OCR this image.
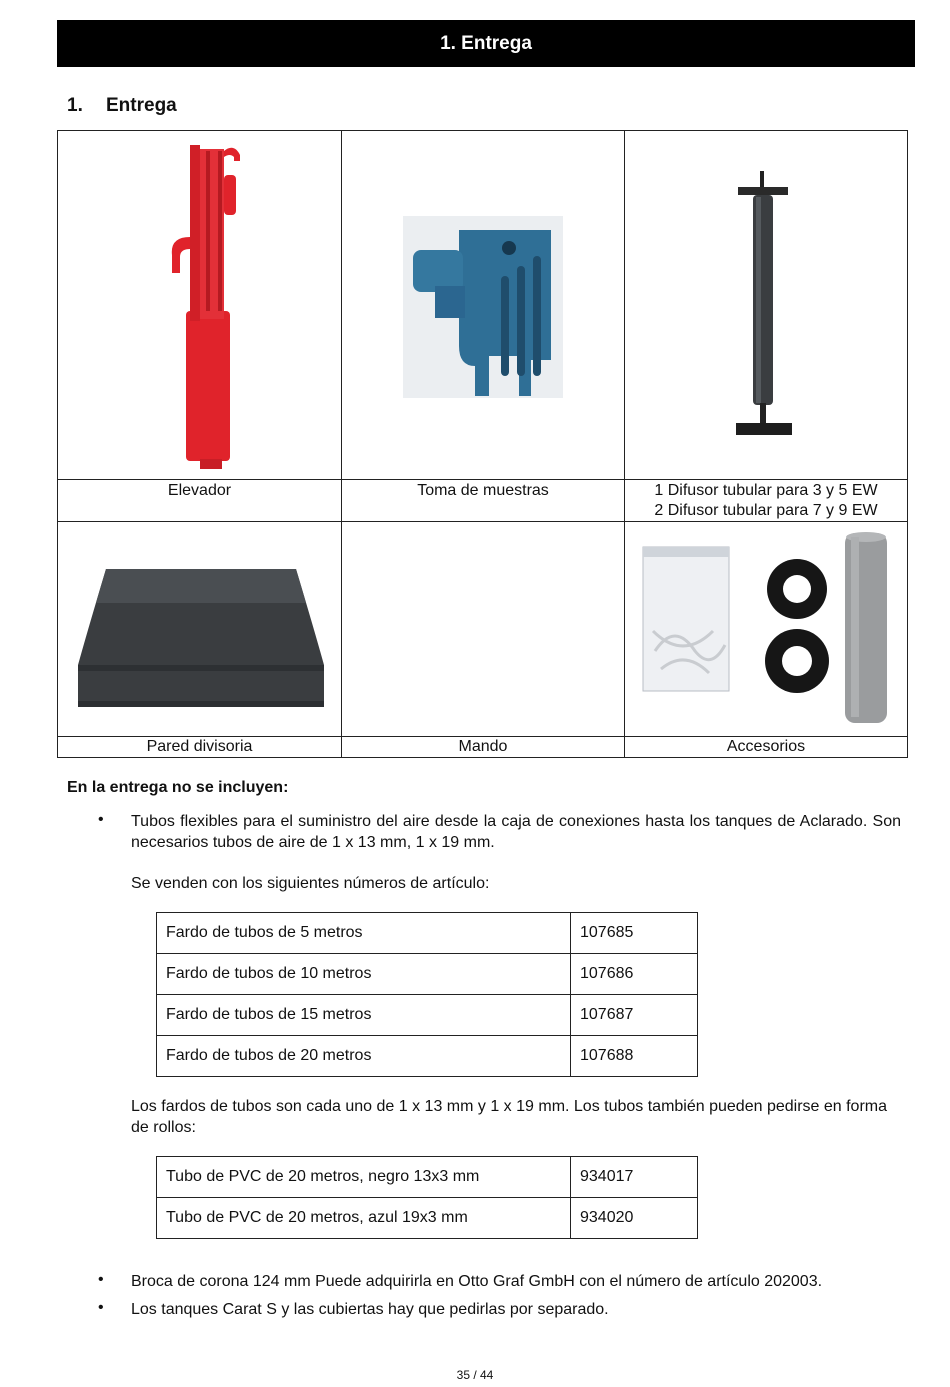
1. Entrega
1. Entrega
Elevador	Toma de muestras	1 Difusor tubular para 3 y 5 EW
2 Difusor tubular para 7 y 9 EW
Pared divisoria	Mando	Accesorios
En la entrega no se incluyen:
• Tubos flexibles para el suministro del aire desde la caja de conexiones hasta los tanques de Aclarado. Son necesarios tubos de aire de 1 x 13 mm, 1 x 19 mm.
Se venden con los siguientes números de artículo:
Fardo de tubos de 5 metros	107685
Fardo de tubos de 10 metros	107686
Fardo de tubos de 15 metros	107687
Fardo de tubos de 20 metros	107688
Los fardos de tubos son cada uno de 1 x 13 mm y 1 x 19 mm. Los tubos también pueden pedirse en forma de rollos:
Tubo de PVC de 20 metros, negro 13x3 mm	934017
Tubo de PVC de 20 metros, azul 19x3 mm	934020
• Broca de corona 124 mm Puede adquirirla en Otto Graf GmbH con el número de artículo 202003.
• Los tanques Carat S y las cubiertas hay que pedirlas por separado.
35 / 44
